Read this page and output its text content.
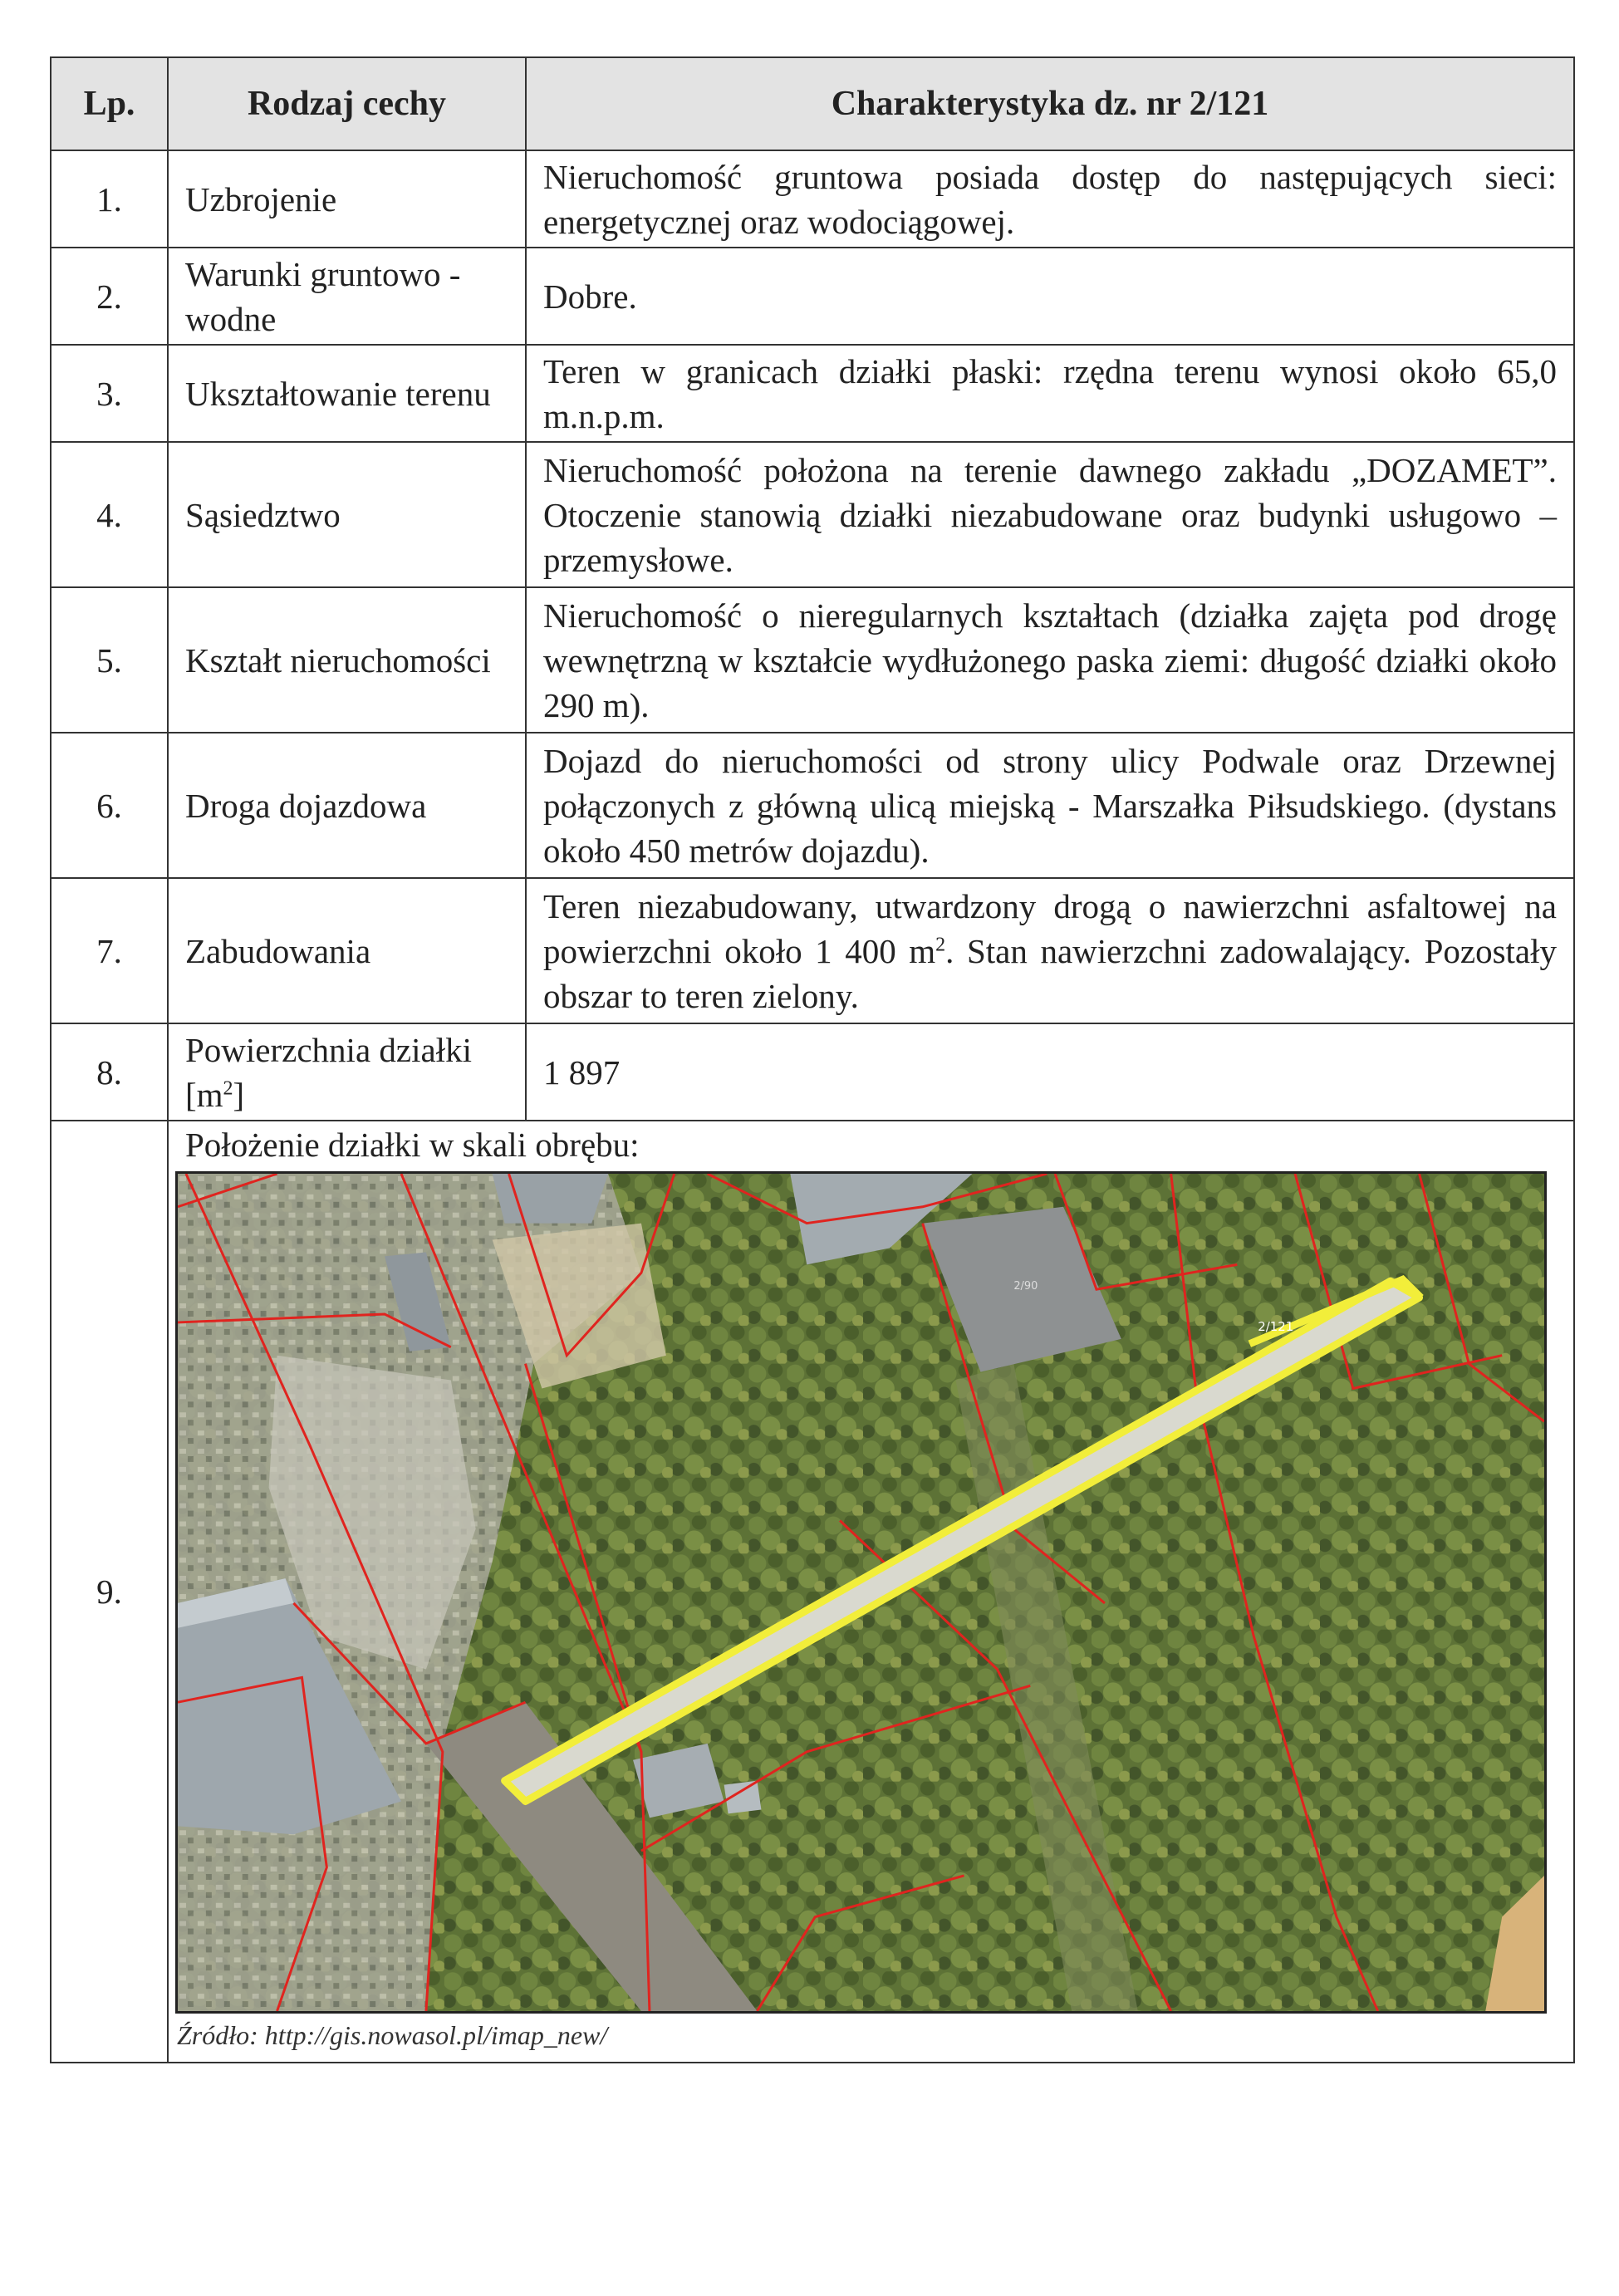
Lp.	Rodzaj cechy	Charakterystyka dz. nr 2/121
1.	Uzbrojenie	Nieruchomość gruntowa posiada dostęp do następujących sieci: energetycznej oraz wodociągowej.
2.	Warunki gruntowo - wodne	Dobre.
3.	Ukształtowanie terenu	Teren w granicach działki płaski: rzędna terenu wynosi około 65,0 m.n.p.m.
4.	Sąsiedztwo	Nieruchomość położona na terenie dawnego zakładu „DOZAMET”. Otoczenie stanowią działki niezabudowane oraz budynki usługowo – przemysłowe.
5.	Kształt nieruchomości	Nieruchomość o nieregularnych kształtach (działka zajęta pod drogę wewnętrzną w kształcie wydłużonego paska ziemi: długość działki około 290 m).
6.	Droga dojazdowa	Dojazd do nieruchomości od strony ulicy Podwale oraz Drzewnej połączonych z główną ulicą miejską - Marszałka Piłsudskiego. (dystans około 450 metrów dojazdu).
7.	Zabudowania	Teren niezabudowany, utwardzony drogą o nawierzchni asfaltowej na powierzchni około 1 400 $m^2$. Stan nawierzchni zadowalający. Pozostały obszar to teren zielony.
8.	Powierzchnia działki $[m^2]$	1 897
9.	Położenie działki w skali obrębu:
2/121
2/90
Źródło: http://gis.nowasol.pl/imap_new/	
